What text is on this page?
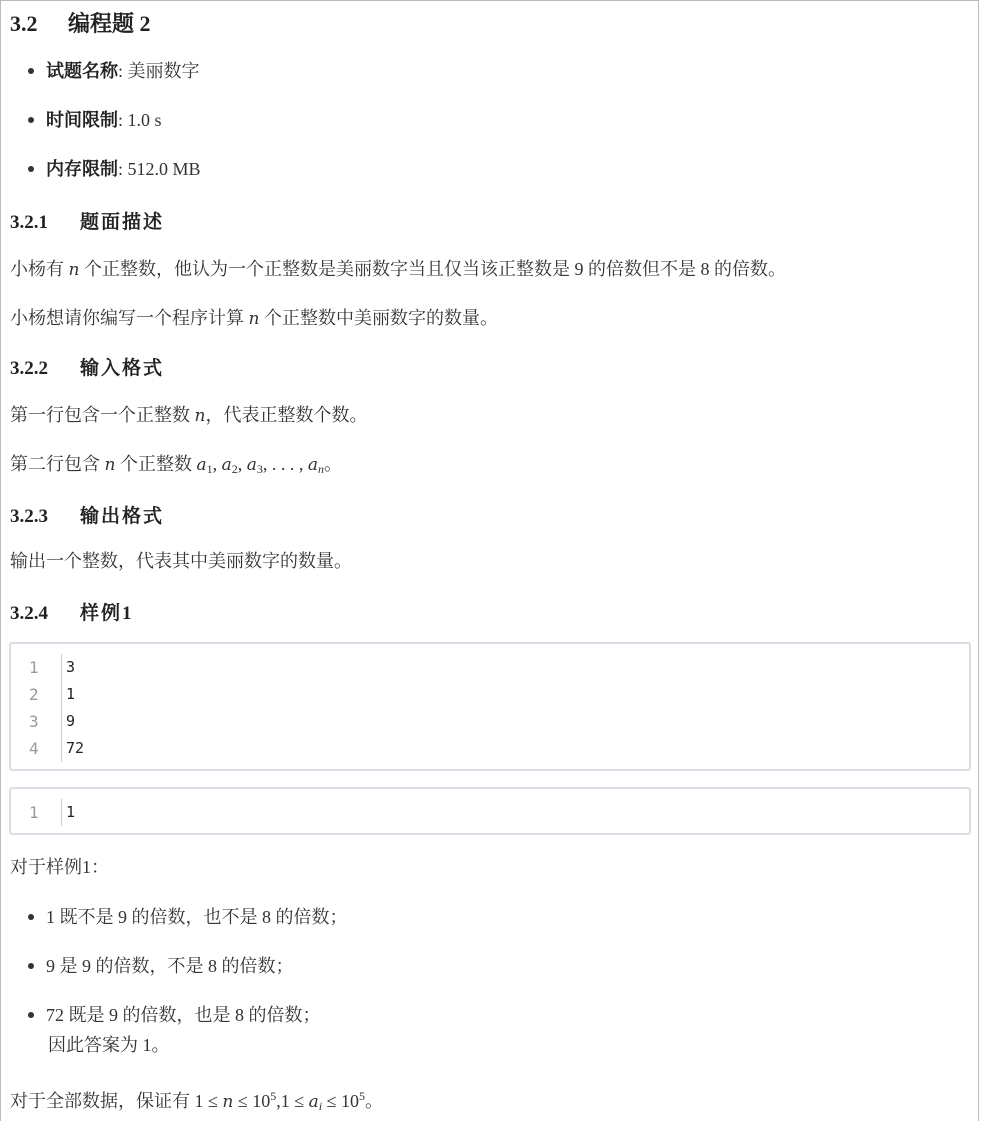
3.2 编程题 2
试题名称: 美丽数字
时间限制: 1.0 s
内存限制: 512.0 MB
3.2.1 题面描述
小杨有 n 个正整数，他认为一个正整数是美丽数字当且仅当该正整数是 9 的倍数但不是 8 的倍数。
小杨想请你编写一个程序计算 n 个正整数中美丽数字的数量。
3.2.2 输入格式
第一行包含一个正整数 n，代表正整数个数。
第二行包含 n 个正整数 a1, a2, a3, . . . , $a_n$。
3.2.3 输出格式
输出一个整数，代表其中美丽数字的数量。
3.2.4 样例1
1
2
3
4
3
1
9
72
1	1
对于样例1：
1 既不是 9 的倍数，也不是 8 的倍数；
9 是 9 的倍数，不是 8 的倍数；
72 既是 9 的倍数，也是 8 的倍数；
因此答案为 1。
对于全部数据，保证有 $1 \le n \le 10^5,1 \le a_i \le 10^5$。
